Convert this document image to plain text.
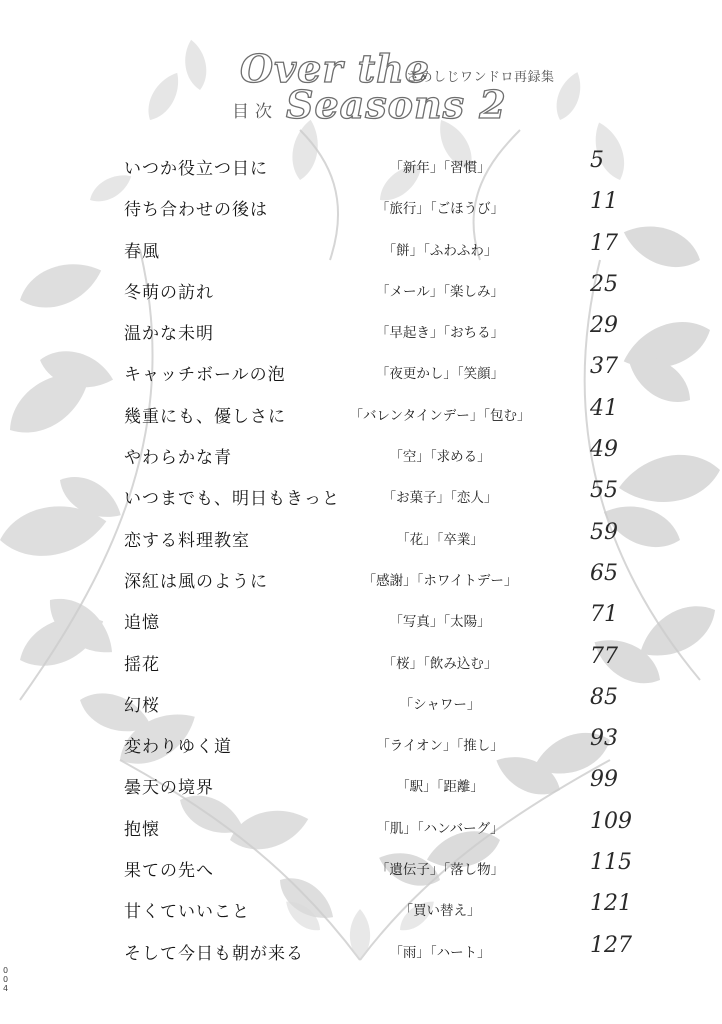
Over the
さめしじワンドロ再録集
目次 Seasons 2
いつか役立つ日に	「新年」「習慣」	5
待ち合わせの後は	「旅行」「ごほうび」	11
春風	「餅」「ふわふわ」	17
冬萌の訪れ	「メール」「楽しみ」	25
温かな未明	「早起き」「おちる」	29
キャッチボールの泡	「夜更かし」「笑顔」	37
幾重にも、優しさに	「バレンタインデー」「包む」	41
やわらかな青	「空」「求める」	49
いつまでも、明日もきっと	「お菓子」「恋人」	55
恋する料理教室	「花」「卒業」	59
深紅は風のように	「感謝」「ホワイトデー」	65
追憶	「写真」「太陽」	71
揺花	「桜」「飲み込む」	77
幻桜	「シャワー」	85
変わりゆく道	「ライオン」「推し」	93
曇天の境界	「駅」「距離」	99
抱懐	「肌」「ハンバーグ」	109
果ての先へ	「遺伝子」「落し物」	115
甘くていいこと	「買い替え」	121
そして今日も朝が来る	「雨」「ハート」	127
004
